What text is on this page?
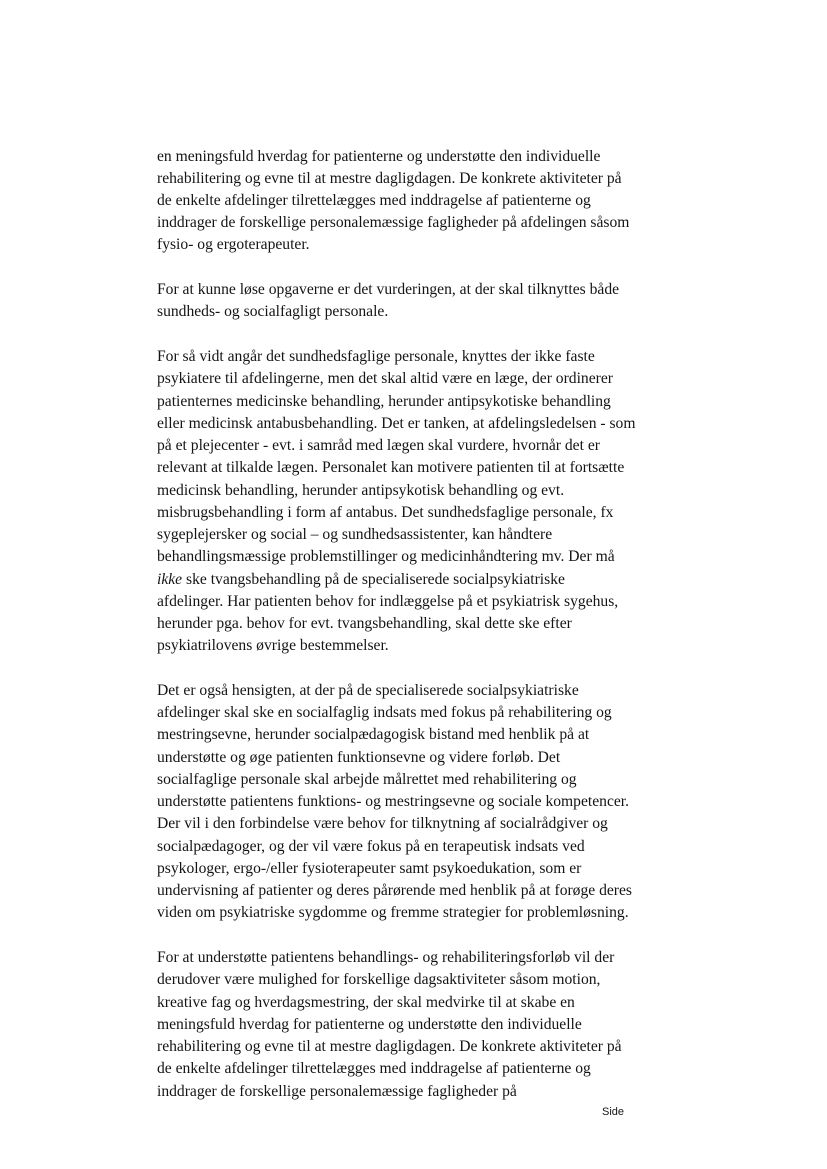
en meningsfuld hverdag for patienterne og understøtte den individuelle
rehabilitering og evne til at mestre dagligdagen. De konkrete aktiviteter på
de enkelte afdelinger tilrettelægges med inddragelse af patienterne og
inddrager de forskellige personalemæssige fagligheder på afdelingen såsom
fysio- og ergoterapeuter.
For at kunne løse opgaverne er det vurderingen, at der skal tilknyttes både
sundheds- og socialfagligt personale.
For så vidt angår det sundhedsfaglige personale, knyttes der ikke faste
psykiatere til afdelingerne, men det skal altid være en læge, der ordinerer
patienternes medicinske behandling, herunder antipsykotiske behandling
eller medicinsk antabusbehandling. Det er tanken, at afdelingsledelsen - som
på et plejecenter - evt. i samråd med lægen skal vurdere, hvornår det er
relevant at tilkalde lægen. Personalet kan motivere patienten til at fortsætte
medicinsk behandling, herunder antipsykotisk behandling og evt.
misbrugsbehandling i form af antabus. Det sundhedsfaglige personale, fx
sygeplejersker og social – og sundhedsassistenter, kan håndtere
behandlingsmæssige problemstillinger og medicinhåndtering mv. Der må
ikke ske tvangsbehandling på de specialiserede socialpsykiatriske
afdelinger. Har patienten behov for indlæggelse på et psykiatrisk sygehus,
herunder pga. behov for evt. tvangsbehandling, skal dette ske efter
psykiatrilovens øvrige bestemmelser.
Det er også hensigten, at der på de specialiserede socialpsykiatriske
afdelinger skal ske en socialfaglig indsats med fokus på rehabilitering og
mestringsevne, herunder socialpædagogisk bistand med henblik på at
understøtte og øge patienten funktionsevne og videre forløb. Det
socialfaglige personale skal arbejde målrettet med rehabilitering og
understøtte patientens funktions- og mestringsevne og sociale kompetencer.
Der vil i den forbindelse være behov for tilknytning af socialrådgiver og
socialpædagoger, og der vil være fokus på en terapeutisk indsats ved
psykologer, ergo-/eller fysioterapeuter samt psykoedukation, som er
undervisning af patienter og deres pårørende med henblik på at forøge deres
viden om psykiatriske sygdomme og fremme strategier for problemløsning.
For at understøtte patientens behandlings- og rehabiliteringsforløb vil der
derudover være mulighed for forskellige dagsaktiviteter såsom motion,
kreative fag og hverdagsmestring, der skal medvirke til at skabe en
meningsfuld hverdag for patienterne og understøtte den individuelle
rehabilitering og evne til at mestre dagligdagen. De konkrete aktiviteter på
de enkelte afdelinger tilrettelægges med inddragelse af patienterne og
inddrager de forskellige personalemæssige fagligheder på
Side
